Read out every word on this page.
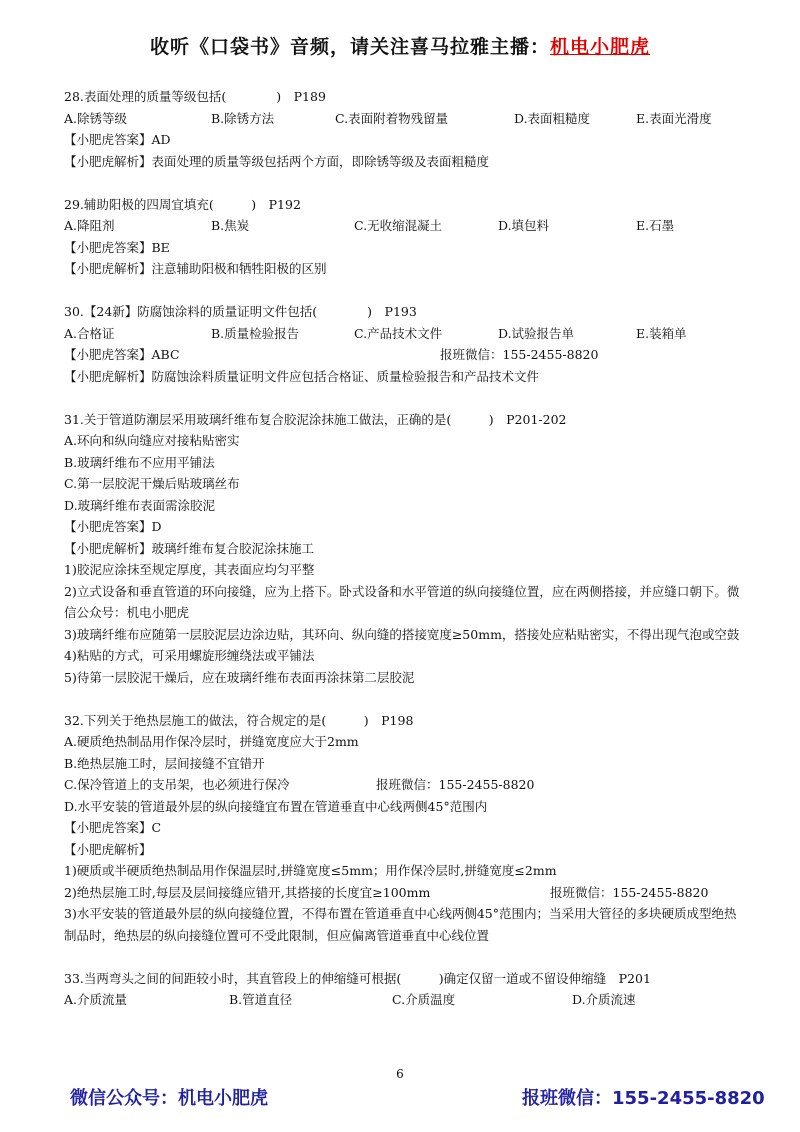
收听《口袋书》音频，请关注喜马拉雅主播：机电小肥虎
28.表面处理的质量等级包括(　　　　)　P189
A.除锈等级	B.除锈方法	C.表面附着物残留量	D.表面粗糙度	E.表面光滑度
【小肥虎答案】AD
【小肥虎解析】表面处理的质量等级包括两个方面，即除锈等级及表面粗糙度
29.辅助阳极的四周宜填充(　　　)　P192
A.降阻剂	B.焦炭	C.无收缩混凝土	D.填包料	E.石墨
【小肥虎答案】BE
【小肥虎解析】注意辅助阳极和牺牲阳极的区别
30.【24新】防腐蚀涂料的质量证明文件包括(　　　　)　P193
A.合格证	B.质量检验报告	C.产品技术文件	D.试验报告单	E.装箱单
【小肥虎答案】ABC	报班微信：155-2455-8820
【小肥虎解析】防腐蚀涂料质量证明文件应包括合格证、质量检验报告和产品技术文件
31.关于管道防潮层采用玻璃纤维布复合胶泥涂抹施工做法，正确的是(　　　)　P201-202
A.环向和纵向缝应对接粘贴密实
B.玻璃纤维布不应用平铺法
C.第一层胶泥干燥后贴玻璃丝布
D.玻璃纤维布表面需涂胶泥
【小肥虎答案】D
【小肥虎解析】玻璃纤维布复合胶泥涂抹施工
1)胶泥应涂抹至规定厚度，其表面应均匀平整
2)立式设备和垂直管道的环向接缝，应为上搭下。卧式设备和水平管道的纵向接缝位置，应在两侧搭接，并应缝口朝下。微信公众号：机电小肥虎
3)玻璃纤维布应随第一层胶泥层边涂边贴，其环向、纵向缝的搭接宽度≥50mm，搭接处应粘贴密实，不得出现气泡或空鼓
4)粘贴的方式，可采用螺旋形缠绕法或平铺法
5)待第一层胶泥干燥后，应在玻璃纤维布表面再涂抹第二层胶泥
32.下列关于绝热层施工的做法，符合规定的是(　　　)　P198
A.硬质绝热制品用作保冷层时，拼缝宽度应大于2mm
B.绝热层施工时，层间接缝不宜错开
C.保冷管道上的支吊架，也必须进行保冷	报班微信：155-2455-8820
D.水平安装的管道最外层的纵向接缝宜布置在管道垂直中心线两侧45°范围内
【小肥虎答案】C
【小肥虎解析】
1)硬质或半硬质绝热制品用作保温层时,拼缝宽度≤5mm；用作保冷层时,拼缝宽度≤2mm
2)绝热层施工时,每层及层间接缝应错开,其搭接的长度宜≥100mm	报班微信：155-2455-8820
3)水平安装的管道最外层的纵向接缝位置，不得布置在管道垂直中心线两侧45°范围内；当采用大管径的多块硬质成型绝热制品时，绝热层的纵向接缝位置可不受此限制，但应偏离管道垂直中心线位置
33.当两弯头之间的间距较小时，其直管段上的伸缩缝可根据(　　　)确定仅留一道或不留设伸缩缝　P201
A.介质流量	B.管道直径	C.介质温度	D.介质流速
6
微信公众号：机电小肥虎	报班微信：155-2455-8820
